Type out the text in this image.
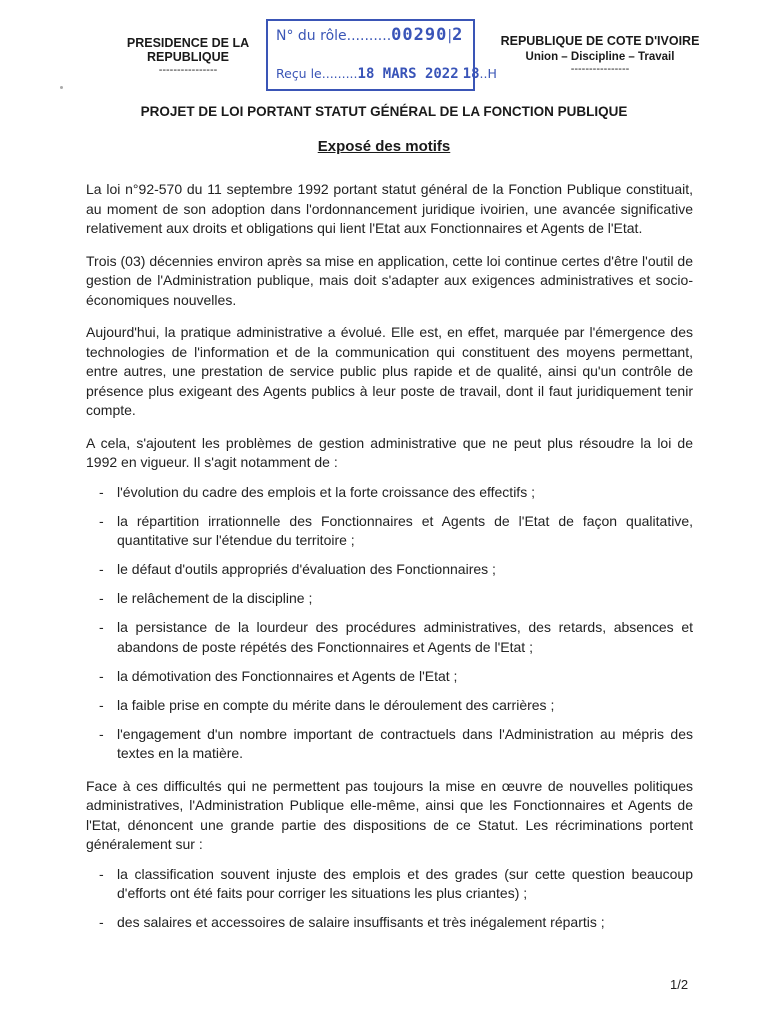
PRESIDENCE DE LA REPUBLIQUE
----------------
N° du rôle..........00290|2
Reçu le.........18 MARS 2022 18..H
REPUBLIQUE DE COTE D'IVOIRE
Union – Discipline – Travail
----------------
PROJET DE LOI PORTANT STATUT GÉNÉRAL DE LA FONCTION PUBLIQUE
Exposé des motifs

La loi n°92-570 du 11 septembre 1992 portant statut général de la Fonction Publique constituait, au moment de son adoption dans l'ordonnancement juridique ivoirien, une avancée significative relativement aux droits et obligations qui lient l'Etat aux Fonctionnaires et Agents de l'Etat.

Trois (03) décennies environ après sa mise en application, cette loi continue certes d'être l'outil de gestion de l'Administration publique, mais doit s'adapter aux exigences administratives et socio-économiques nouvelles.

Aujourd'hui, la pratique administrative a évolué. Elle est, en effet, marquée par l'émergence des technologies de l'information et de la communication qui constituent des moyens permettant, entre autres, une prestation de service public plus rapide et de qualité, ainsi qu'un contrôle de présence plus exigeant des Agents publics à leur poste de travail, dont il faut juridiquement tenir compte.

A cela, s'ajoutent les problèmes de gestion administrative que ne peut plus résoudre la loi de 1992 en vigueur. Il s'agit notamment de :

- l'évolution du cadre des emplois et la forte croissance des effectifs ;
- la répartition irrationnelle des Fonctionnaires et Agents de l'Etat de façon qualitative, quantitative sur l'étendue du territoire ;
- le défaut d'outils appropriés d'évaluation des Fonctionnaires ;
- le relâchement de la discipline ;
- la persistance de la lourdeur des procédures administratives, des retards, absences et abandons de poste répétés des Fonctionnaires et Agents de l'Etat ;
- la démotivation des Fonctionnaires et Agents de l'Etat ;
- la faible prise en compte du mérite dans le déroulement des carrières ;
- l'engagement d'un nombre important de contractuels dans l'Administration au mépris des textes en la matière.

Face à ces difficultés qui ne permettent pas toujours la mise en œuvre de nouvelles politiques administratives, l'Administration Publique elle-même, ainsi que les Fonctionnaires et Agents de l'Etat, dénoncent une grande partie des dispositions de ce Statut. Les récriminations portent généralement sur :

- la classification souvent injuste des emplois et des grades (sur cette question beaucoup d'efforts ont été faits pour corriger les situations les plus criantes) ;
- des salaires et accessoires de salaire insuffisants et très inégalement répartis ;
1/2
